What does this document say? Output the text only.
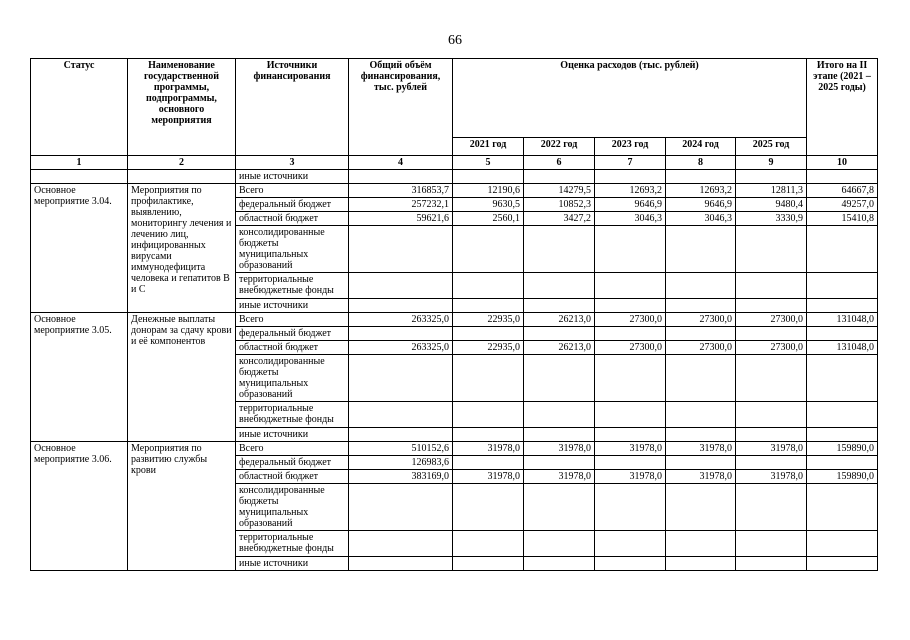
66
Статус	Наименование государственной программы, подпрограммы, основного мероприятия	Источники финансирования	Общий объём финансирования, тыс. рублей	Оценка расходов (тыс. рублей)					Итого на II этапе (2021 – 2025 годы)
				2021 год	2022 год	2023 год	2024 год	2025 год	
1	2	3	4	5	6	7	8	9	10
		иные источники							
Основное мероприятие 3.04.	Мероприятия по профилактике, выявлению, мониторингу лечения и лечению лиц, инфицированных вирусами иммунодефицита человека и гепатитов В и С	Всего	316853,7	12190,6	14279,5	12693,2	12693,2	12811,3	64667,8
		федеральный бюджет	257232,1	9630,5	10852,3	9646,9	9646,9	9480,4	49257,0
		областной бюджет	59621,6	2560,1	3427,2	3046,3	3046,3	3330,9	15410,8
		консолидированные бюджеты муниципальных образований							
		территориальные внебюджетные фонды							
		иные источники							
Основное мероприятие 3.05.	Денежные выплаты донорам за сдачу крови и её компонентов	Всего	263325,0	22935,0	26213,0	27300,0	27300,0	27300,0	131048,0
		федеральный бюджет							
		областной бюджет	263325,0	22935,0	26213,0	27300,0	27300,0	27300,0	131048,0
		консолидированные бюджеты муниципальных образований							
		территориальные внебюджетные фонды							
		иные источники							
Основное мероприятие 3.06.	Мероприятия по развитию службы крови	Всего	510152,6	31978,0	31978,0	31978,0	31978,0	31978,0	159890,0
		федеральный бюджет	126983,6						
		областной бюджет	383169,0	31978,0	31978,0	31978,0	31978,0	31978,0	159890,0
		консолидированные бюджеты муниципальных образований							
		территориальные внебюджетные фонды							
		иные источники							
